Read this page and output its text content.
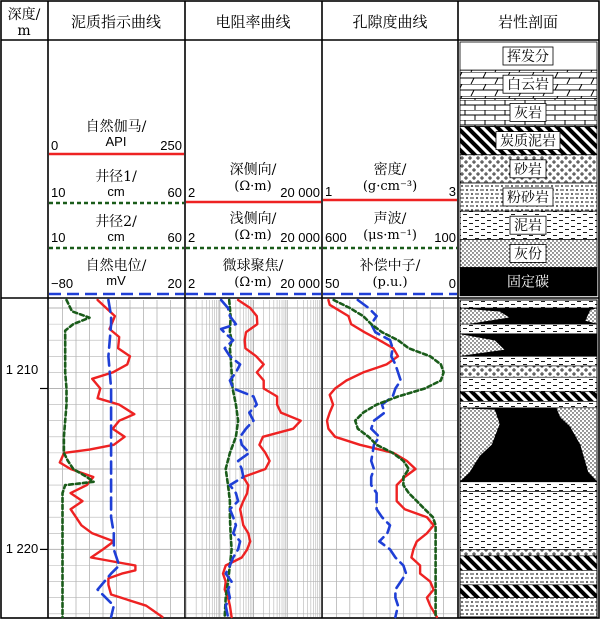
深度/
m	泥质指示曲线	电阻率曲线	孔隙度曲线	岩性剖面
自然伽马/
API
0	250
井径1/
cm
10	60
井径2/
cm
10	60
自然电位/
mV
−80	20
深侧向/
(Ω·m)
2	20 000
浅侧向/
(Ω·m)
2	20 000
微球聚焦/
(Ω·m)
2	20 000
密度/
(g·cm⁻³)
1	3
声波/
(μs·m⁻¹)
600	100
补偿中子/
(p.u.)
50	0
挥发分
白云岩
灰岩
炭质泥岩
砂岩
粉砂岩
泥岩
灰份
固定碳
1 210
1 220
